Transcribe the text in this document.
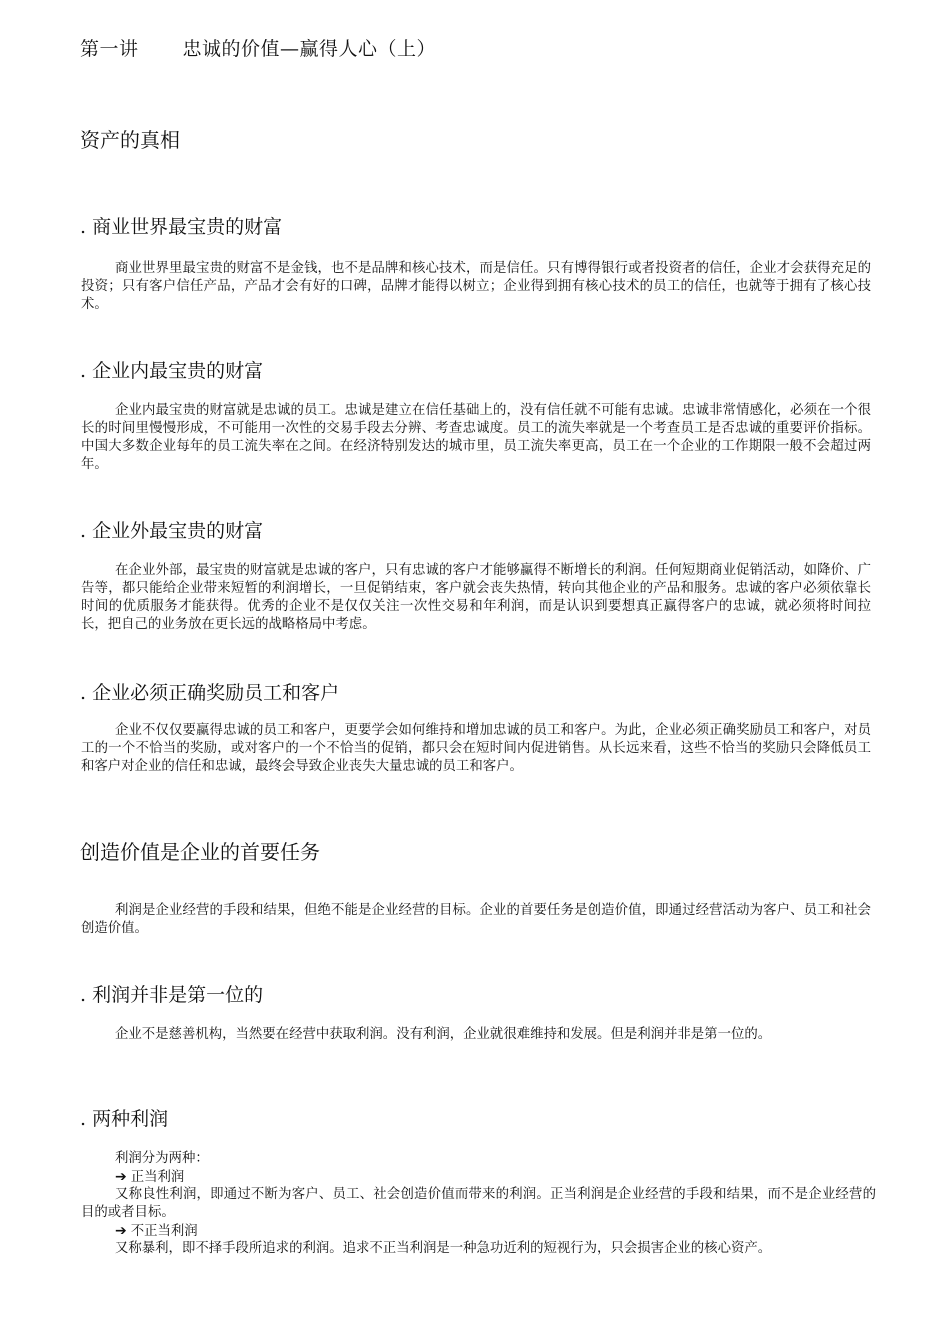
第一讲 忠诚的价值—赢得人心（上）
资产的真相
. 商业世界最宝贵的财富
商业世界里最宝贵的财富不是金钱，也不是品牌和核心技术，而是信任。只有博得银行或者投资者的信任，企业才会获得充足的投资；只有客户信任产品，产品才会有好的口碑，品牌才能得以树立；企业得到拥有核心技术的员工的信任，也就等于拥有了核心技术。
. 企业内最宝贵的财富
企业内最宝贵的财富就是忠诚的员工。忠诚是建立在信任基础上的，没有信任就不可能有忠诚。忠诚非常情感化，必须在一个很长的时间里慢慢形成，不可能用一次性的交易手段去分辨、考查忠诚度。员工的流失率就是一个考查员工是否忠诚的重要评价指标。中国大多数企业每年的员工流失率在之间。在经济特别发达的城市里，员工流失率更高，员工在一个企业的工作期限一般不会超过两年。
. 企业外最宝贵的财富
在企业外部，最宝贵的财富就是忠诚的客户，只有忠诚的客户才能够赢得不断增长的利润。任何短期商业促销活动，如降价、广告等，都只能给企业带来短暂的利润增长，一旦促销结束，客户就会丧失热情，转向其他企业的产品和服务。忠诚的客户必须依靠长时间的优质服务才能获得。优秀的企业不是仅仅关注一次性交易和年利润，而是认识到要想真正赢得客户的忠诚，就必须将时间拉长，把自己的业务放在更长远的战略格局中考虑。
. 企业必须正确奖励员工和客户
企业不仅仅要赢得忠诚的员工和客户，更要学会如何维持和增加忠诚的员工和客户。为此，企业必须正确奖励员工和客户，对员工的一个不恰当的奖励，或对客户的一个不恰当的促销，都只会在短时间内促进销售。从长远来看，这些不恰当的奖励只会降低员工和客户对企业的信任和忠诚，最终会导致企业丧失大量忠诚的员工和客户。
创造价值是企业的首要任务
利润是企业经营的手段和结果，但绝不能是企业经营的目标。企业的首要任务是创造价值，即通过经营活动为客户、员工和社会创造价值。
. 利润并非是第一位的
企业不是慈善机构，当然要在经营中获取利润。没有利润，企业就很难维持和发展。但是利润并非是第一位的。
. 两种利润
利润分为两种：
➔ 正当利润
又称良性利润，即通过不断为客户、员工、社会创造价值而带来的利润。正当利润是企业经营的手段和结果，而不是企业经营的目的或者目标。
➔ 不正当利润
又称暴利，即不择手段所追求的利润。追求不正当利润是一种急功近利的短视行为，只会损害企业的核心资产。
